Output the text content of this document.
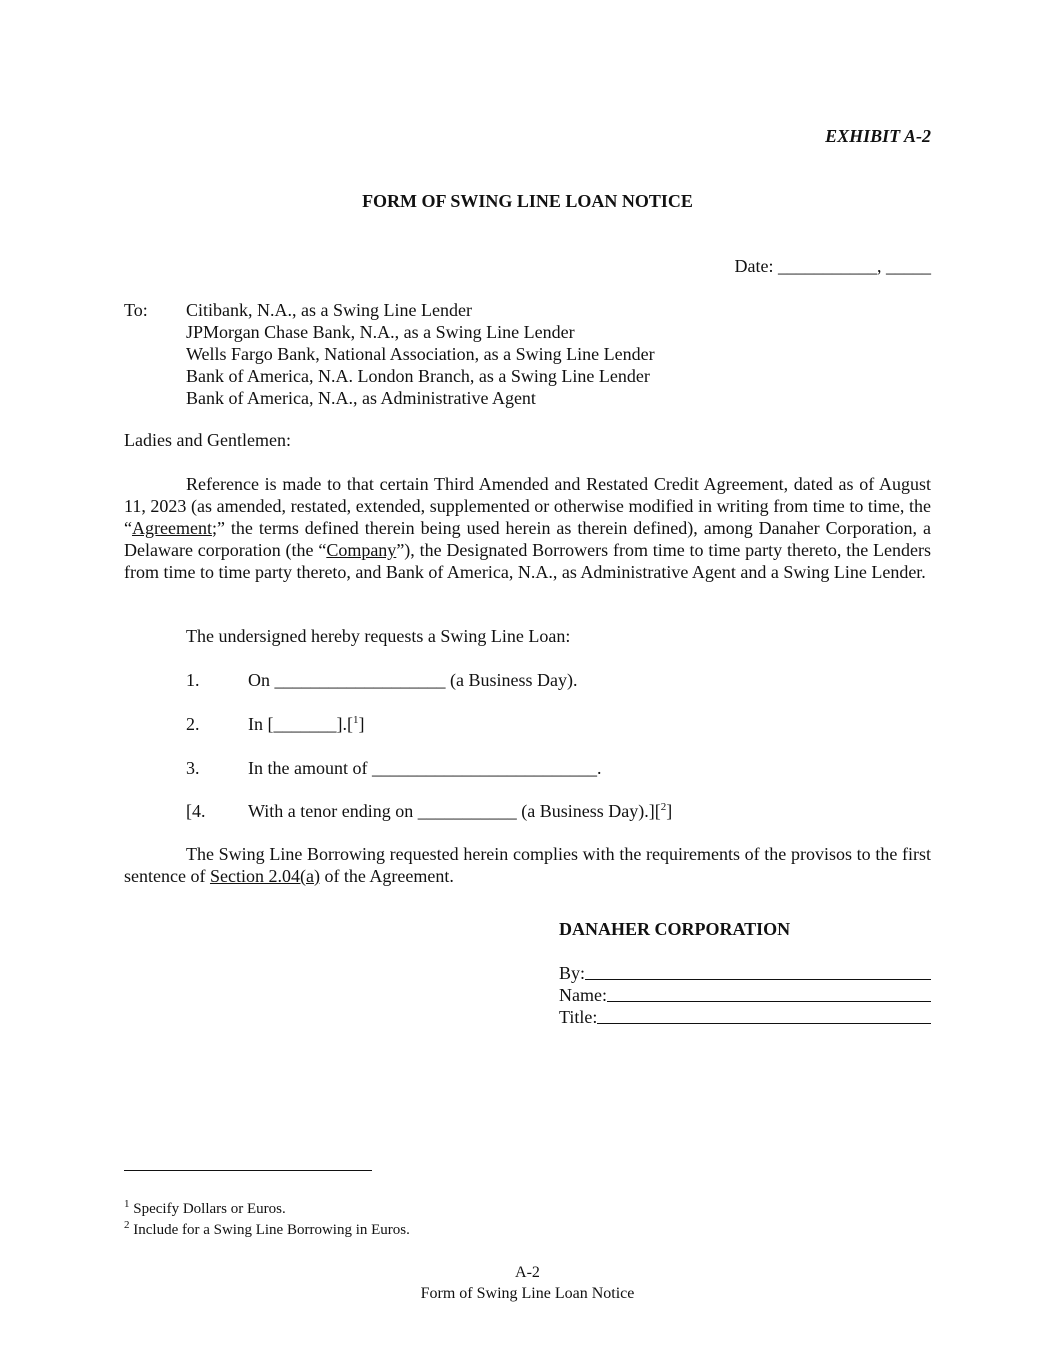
EXHIBIT A-2
FORM OF SWING LINE LOAN NOTICE
Date: ___________, _____
To: Citibank, N.A., as a Swing Line Lender
JPMorgan Chase Bank, N.A., as a Swing Line Lender
Wells Fargo Bank, National Association, as a Swing Line Lender
Bank of America, N.A. London Branch, as a Swing Line Lender
Bank of America, N.A., as Administrative Agent
Ladies and Gentlemen:
Reference is made to that certain Third Amended and Restated Credit Agreement, dated as of August 11, 2023 (as amended, restated, extended, supplemented or otherwise modified in writing from time to time, the “Agreement;” the terms defined therein being used herein as therein defined), among Danaher Corporation, a Delaware corporation (the “Company”), the Designated Borrowers from time to time party thereto, the Lenders from time to time party thereto, and Bank of America, N.A., as Administrative Agent and a Swing Line Lender.
The undersigned hereby requests a Swing Line Loan:
1.	On ___________________ (a Business Day).
2.	In [_______].[$^1$]
3.	In the amount of _________________________.
[4. With a tenor ending on ___________ (a Business Day).][$^2$]
The Swing Line Borrowing requested herein complies with the requirements of the provisos to the first sentence of Section 2.04(a) of the Agreement.
DANAHER CORPORATION
By:
Name:
Title:
$^1$ Specify Dollars or Euros.
$^2$ Include for a Swing Line Borrowing in Euros.
A-2
Form of Swing Line Loan Notice
